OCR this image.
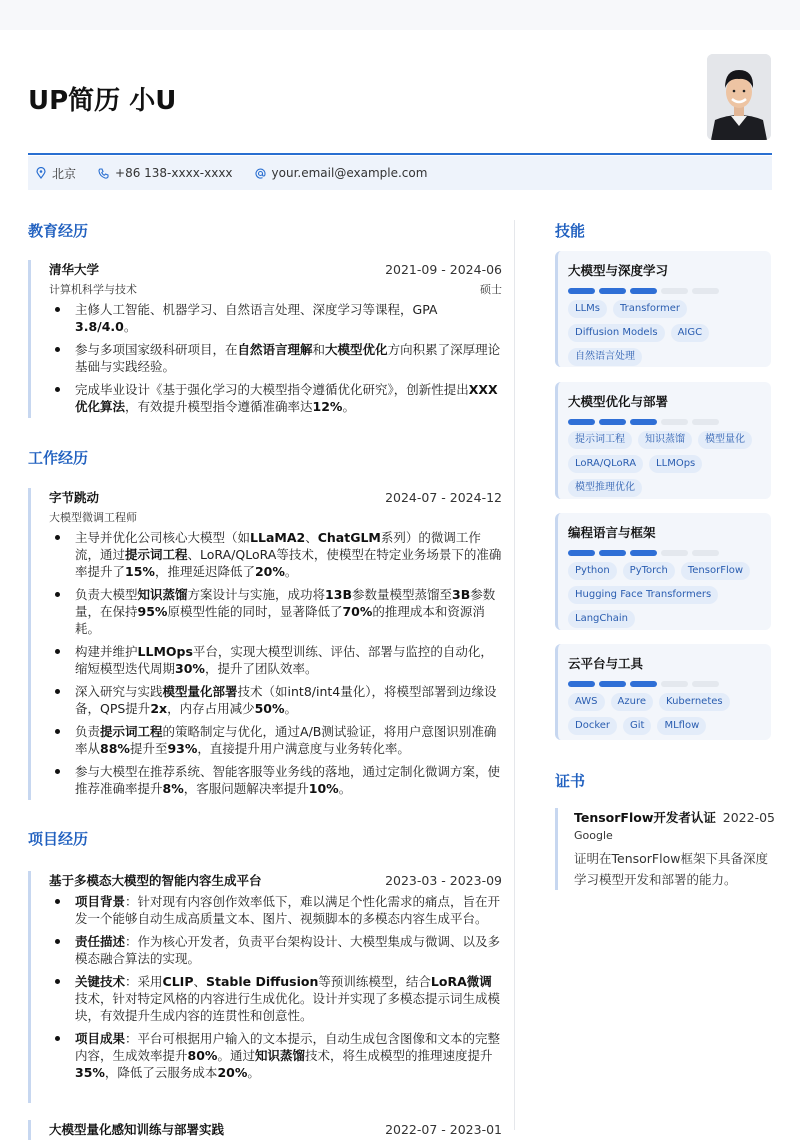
UP简历 小U
北京	+86 138-xxxx-xxxx	your.email@example.com
教育经历
清华大学	2021-09 - 2024-06
计算机科学与技术	硕士
主修人工智能、机器学习、自然语言处理、深度学习等课程，GPA 3.8/4.0。
参与多项国家级科研项目，在自然语言理解和大模型优化方向积累了深厚理论基础与实践经验。
完成毕业设计《基于强化学习的大模型指令遵循优化研究》，创新性提出XXX优化算法，有效提升模型指令遵循准确率达12%。
工作经历
字节跳动	2024-07 - 2024-12
大模型微调工程师
主导并优化公司核心大模型（如LLaMA2、ChatGLM系列）的微调工作流，通过提示词工程、LoRA/QLoRA等技术，使模型在特定业务场景下的准确率提升了15%，推理延迟降低了20%。
负责大模型知识蒸馏方案设计与实施，成功将13B参数量模型蒸馏至3B参数量，在保持95%原模型性能的同时，显著降低了70%的推理成本和资源消耗。
构建并维护LLMOps平台，实现大模型训练、评估、部署与监控的自动化，缩短模型迭代周期30%，提升了团队效率。
深入研究与实践模型量化部署技术（如int8/int4量化），将模型部署到边缘设备，QPS提升2x，内存占用减少50%。
负责提示词工程的策略制定与优化，通过A/B测试验证，将用户意图识别准确率从88%提升至93%，直接提升用户满意度与业务转化率。
参与大模型在推荐系统、智能客服等业务线的落地，通过定制化微调方案，使推荐准确率提升8%，客服问题解决率提升10%。
项目经历
基于多模态大模型的智能内容生成平台	2023-03 - 2023-09
项目背景：针对现有内容创作效率低下，难以满足个性化需求的痛点，旨在开发一个能够自动生成高质量文本、图片、视频脚本的多模态内容生成平台。
责任描述：作为核心开发者，负责平台架构设计、大模型集成与微调、以及多模态融合算法的实现。
关键技术：采用CLIP、Stable Diffusion等预训练模型，结合LoRA微调技术，针对特定风格的内容进行生成优化。设计并实现了多模态提示词生成模块，有效提升生成内容的连贯性和创意性。
项目成果：平台可根据用户输入的文本提示，自动生成包含图像和文本的完整内容，生成效率提升80%。通过知识蒸馏技术，将生成模型的推理速度提升35%，降低了云服务成本20%。
大模型量化感知训练与部署实践	2022-07 - 2023-01
技能
大模型与深度学习
LLMs	Transformer
Diffusion Models	AIGC
自然语言处理
大模型优化与部署
提示词工程	知识蒸馏	模型量化
LoRA/QLoRA	LLMOps
模型推理优化
编程语言与框架
Python	PyTorch	TensorFlow
Hugging Face Transformers
LangChain
云平台与工具
AWS	Azure	Kubernetes
Docker	Git	MLflow
证书
TensorFlow开发者认证 2022-05
Google
证明在TensorFlow框架下具备深度学习模型开发和部署的能力。
